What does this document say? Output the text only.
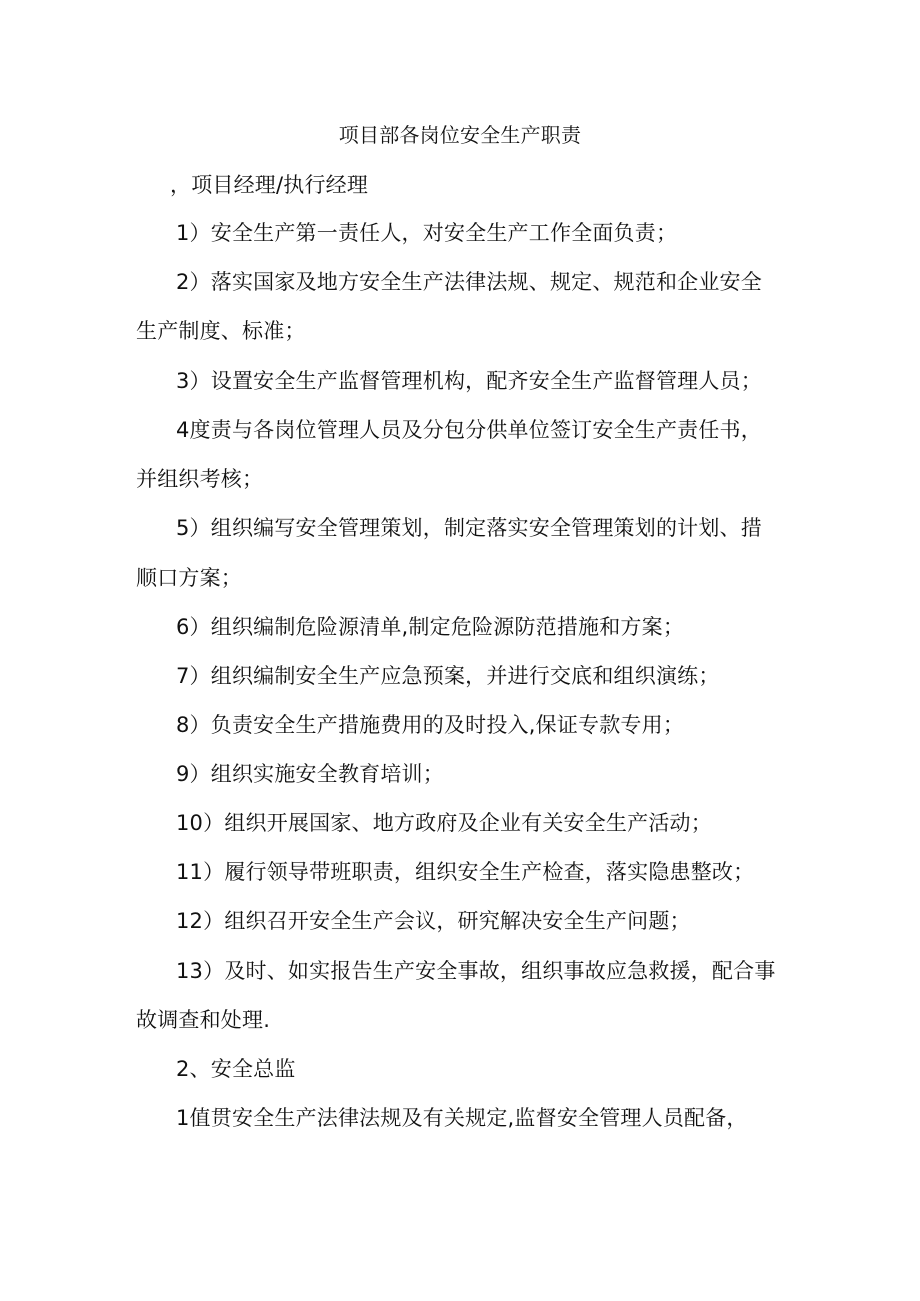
项目部各岗位安全生产职责
，项目经理/执行经理
1）安全生产第一责任人，对安全生产工作全面负责；
2）落实国家及地方安全生产法律法规、规定、规范和企业安全
生产制度、标准；
3）设置安全生产监督管理机构，配齐安全生产监督管理人员；
4度责与各岗位管理人员及分包分供单位签订安全生产责任书，
并组织考核；
5）组织编写安全管理策划，制定落实安全管理策划的计划、措
顺口方案；
6）组织编制危险源清单,制定危险源防范措施和方案；
7）组织编制安全生产应急预案，并进行交底和组织演练；
8）负责安全生产措施费用的及时投入,保证专款专用；
9）组织实施安全教育培训；
10）组织开展国家、地方政府及企业有关安全生产活动；
11）履行领导带班职责，组织安全生产检查，落实隐患整改；
12）组织召开安全生产会议，研究解决安全生产问题；
13）及时、如实报告生产安全事故，组织事故应急救援，配合事
故调查和处理.
2、安全总监
1值贯安全生产法律法规及有关规定,监督安全管理人员配备，
